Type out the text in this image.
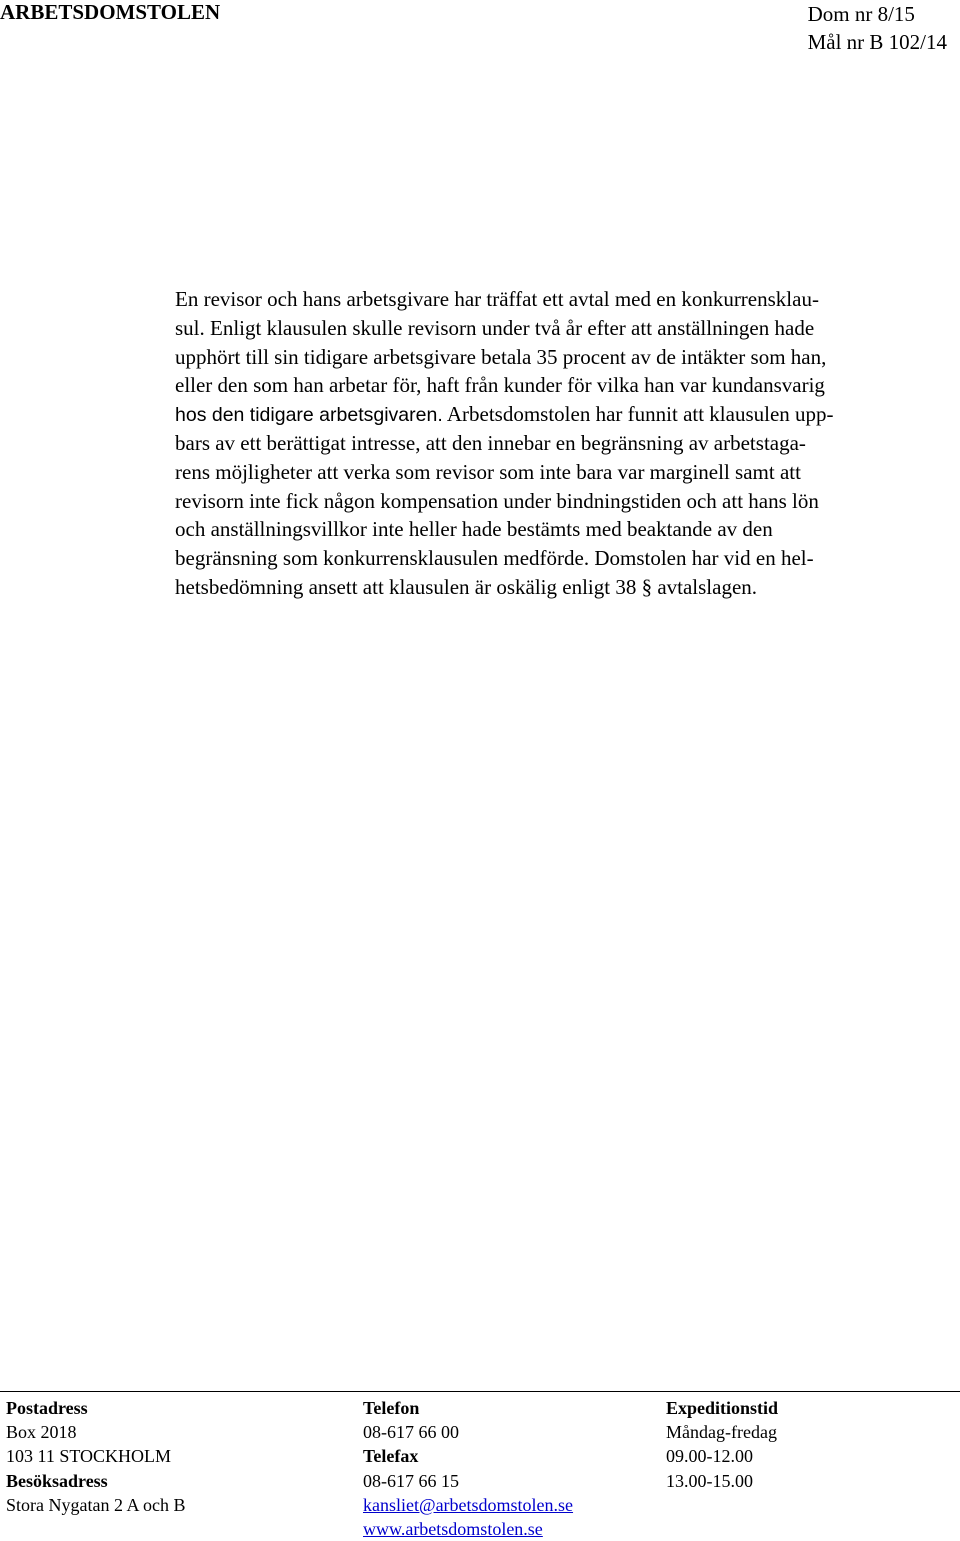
ARBETSDOMSTOLEN	Dom nr 8/15
Mål nr B 102/14
En revisor och hans arbetsgivare har träffat ett avtal med en konkurrensklau-
sul. Enligt klausulen skulle revisorn under två år efter att anställningen hade
upphört till sin tidigare arbetsgivare betala 35 procent av de intäkter som han,
eller den som han arbetar för, haft från kunder för vilka han var kundansvarig
hos den tidigare arbetsgivaren. Arbetsdomstolen har funnit att klausulen upp-
bars av ett berättigat intresse, att den innebar en begränsning av arbetstaga-
rens möjligheter att verka som revisor som inte bara var marginell samt att
revisorn inte fick någon kompensation under bindningstiden och att hans lön
och anställningsvillkor inte heller hade bestämts med beaktande av den
begränsning som konkurrensklausulen medförde. Domstolen har vid en hel-
hetsbedömning ansett att klausulen är oskälig enligt 38 § avtalslagen.
Postadress
Box 2018
103 11 STOCKHOLM
Besöksadress
Stora Nygatan 2 A och B
Telefon
08-617 66 00
Telefax
08-617 66 15
kansliet@arbetsdomstolen.se
www.arbetsdomstolen.se
Expeditionstid
Måndag-fredag
09.00-12.00
13.00-15.00
